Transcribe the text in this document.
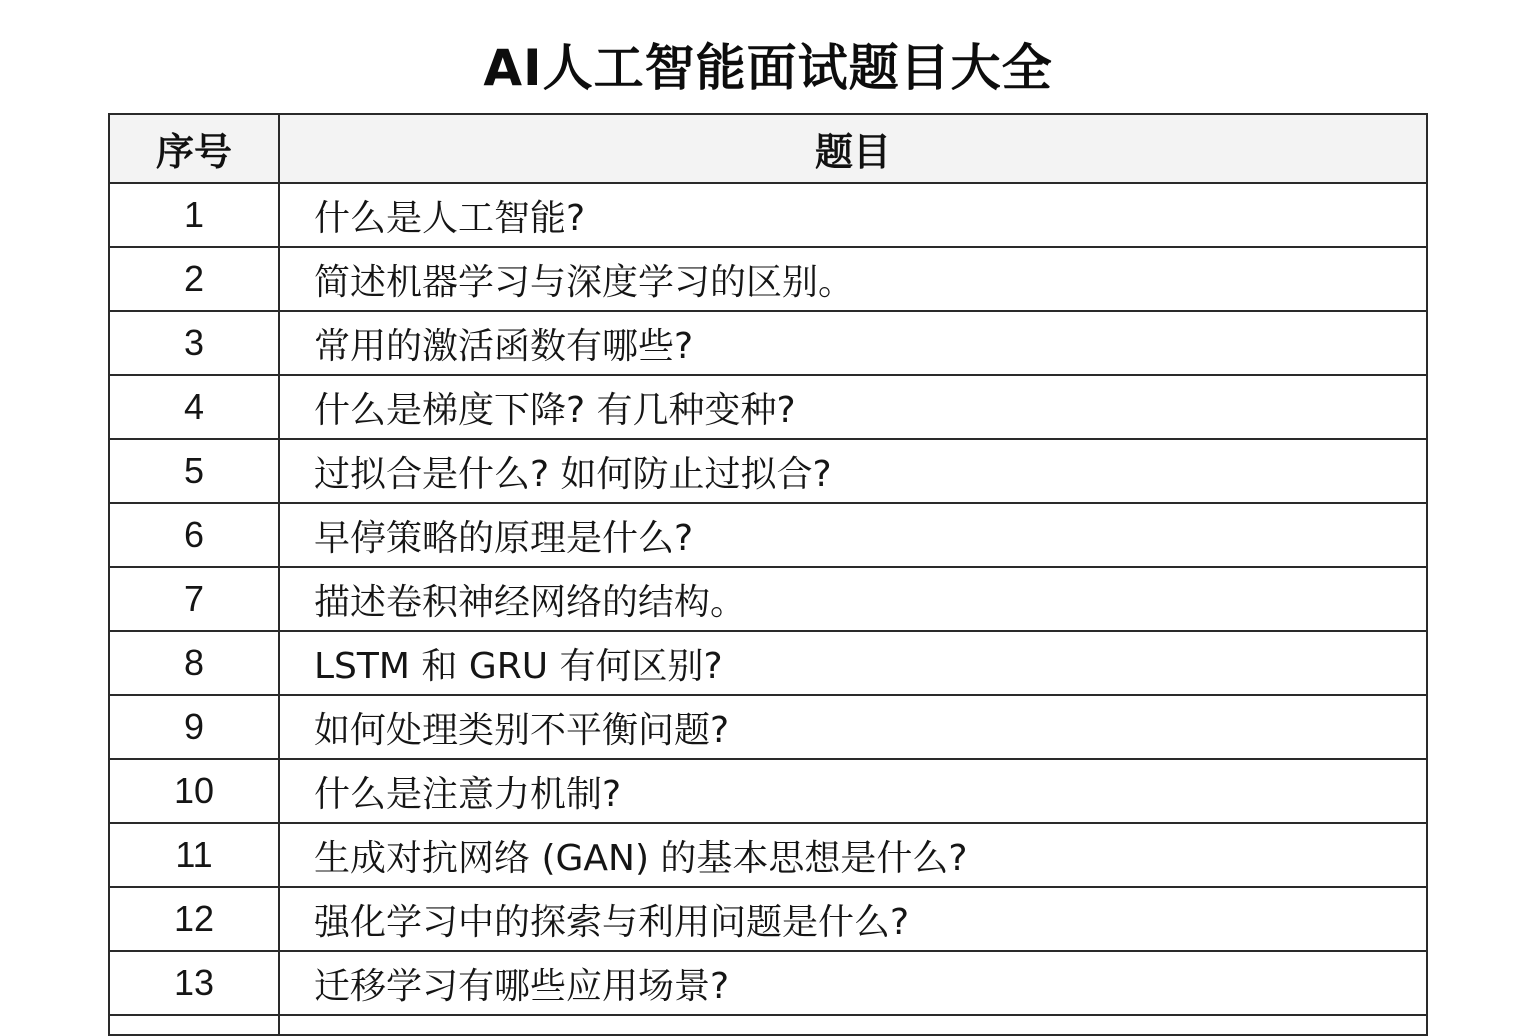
AI人工智能面试题目大全
序号	题目
1	什么是人工智能?
2	简述机器学习与深度学习的区别。
3	常用的激活函数有哪些?
4	什么是梯度下降? 有几种变种?
5	过拟合是什么? 如何防止过拟合?
6	早停策略的原理是什么?
7	描述卷积神经网络的结构。
8	LSTM 和 GRU 有何区别?
9	如何处理类别不平衡问题?
10	什么是注意力机制?
11	生成对抗网络 (GAN) 的基本思想是什么?
12	强化学习中的探索与利用问题是什么?
13	迁移学习有哪些应用场景?
